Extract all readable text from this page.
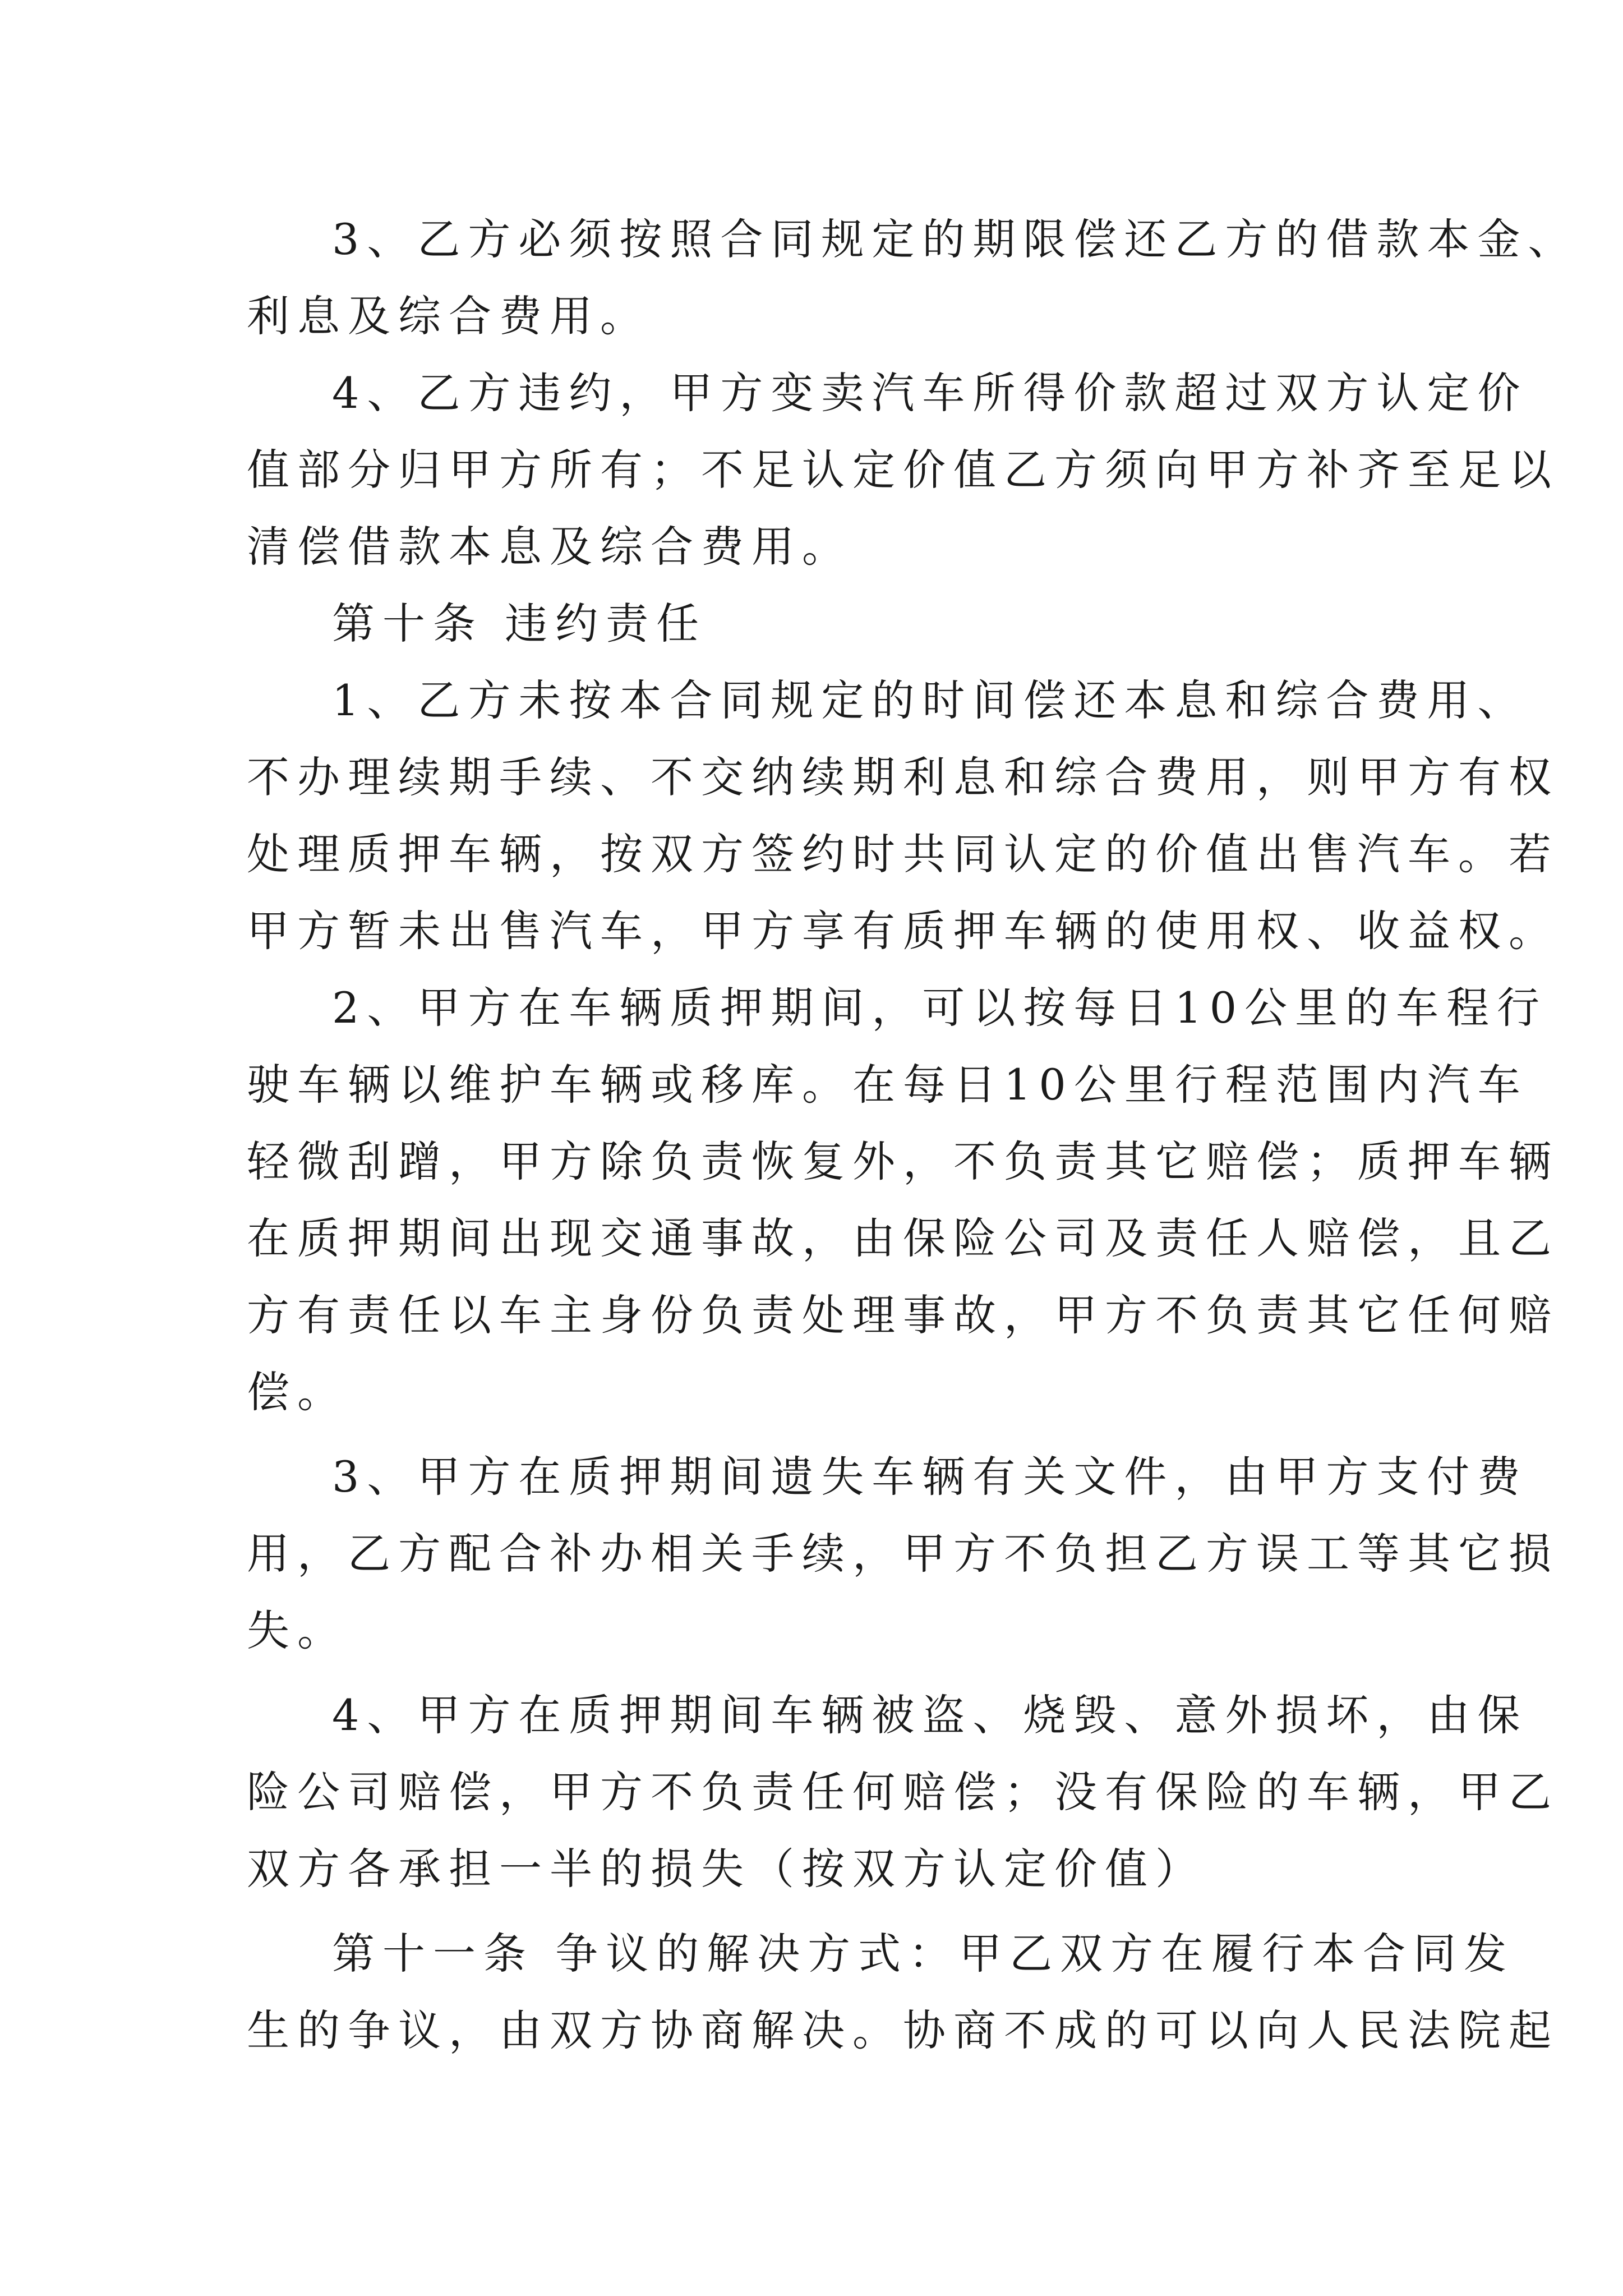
3、乙方必须按照合同规定的期限偿还乙方的借款本金、
利息及综合费用。
4、乙方违约，甲方变卖汽车所得价款超过双方认定价
值部分归甲方所有；不足认定价值乙方须向甲方补齐至足以
清偿借款本息及综合费用。
第十条 违约责任
1、乙方未按本合同规定的时间偿还本息和综合费用、
不办理续期手续、不交纳续期利息和综合费用，则甲方有权
处理质押车辆，按双方签约时共同认定的价值出售汽车。若
甲方暂未出售汽车，甲方享有质押车辆的使用权、收益权。
2、甲方在车辆质押期间，可以按每日10公里的车程行
驶车辆以维护车辆或移库。在每日10公里行程范围内汽车
轻微刮蹭，甲方除负责恢复外，不负责其它赔偿；质押车辆
在质押期间出现交通事故，由保险公司及责任人赔偿，且乙
方有责任以车主身份负责处理事故，甲方不负责其它任何赔
偿。
3、甲方在质押期间遗失车辆有关文件，由甲方支付费
用，乙方配合补办相关手续，甲方不负担乙方误工等其它损
失。
4、甲方在质押期间车辆被盗、烧毁、意外损坏，由保
险公司赔偿，甲方不负责任何赔偿；没有保险的车辆，甲乙
双方各承担一半的损失（按双方认定价值）
第十一条 争议的解决方式：甲乙双方在履行本合同发
生的争议，由双方协商解决。协商不成的可以向人民法院起
